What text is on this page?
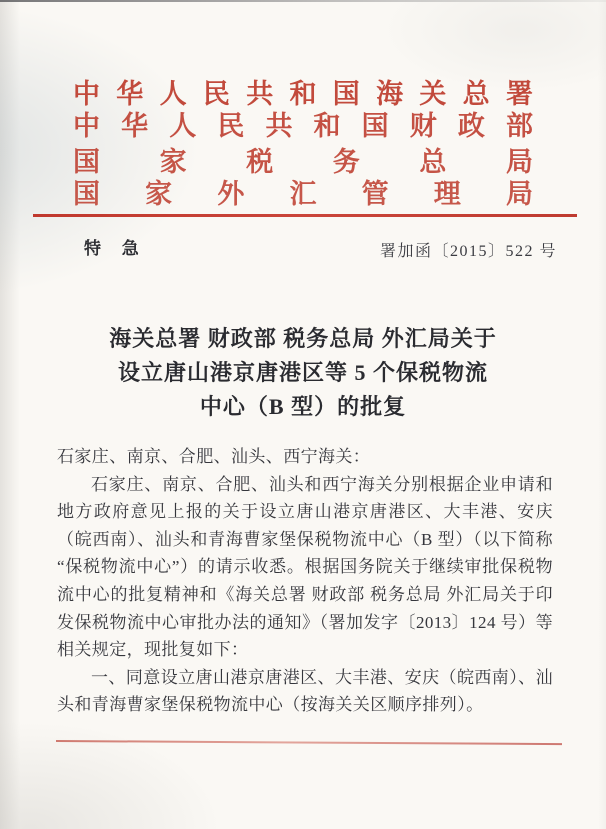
中 华 人 民 共 和 国 海 关 总 署
中 华 人 民 共 和 国 财 政 部
国 家 税 务 总 局
国 家 外 汇 管 理 局
特 急	署加函〔2015〕522 号
海关总署 财政部 税务总局 外汇局关于
设立唐山港京唐港区等 5 个保税物流
中心（B 型）的批复

石家庄、南京、合肥、汕头、西宁海关：

石家庄、南京、合肥、汕头和西宁海关分别根据企业申请和地方政府意见上报的关于设立唐山港京唐港区、大丰港、安庆（皖西南）、汕头和青海曹家堡保税物流中心（B 型）（以下简称“保税物流中心”）的请示收悉。根据国务院关于继续审批保税物流中心的批复精神和《海关总署 财政部 税务总局 外汇局关于印发保税物流中心审批办法的通知》（署加发字〔2013〕124 号）等相关规定，现批复如下：

一、同意设立唐山港京唐港区、大丰港、安庆（皖西南）、汕头和青海曹家堡保税物流中心（按海关关区顺序排列）。
